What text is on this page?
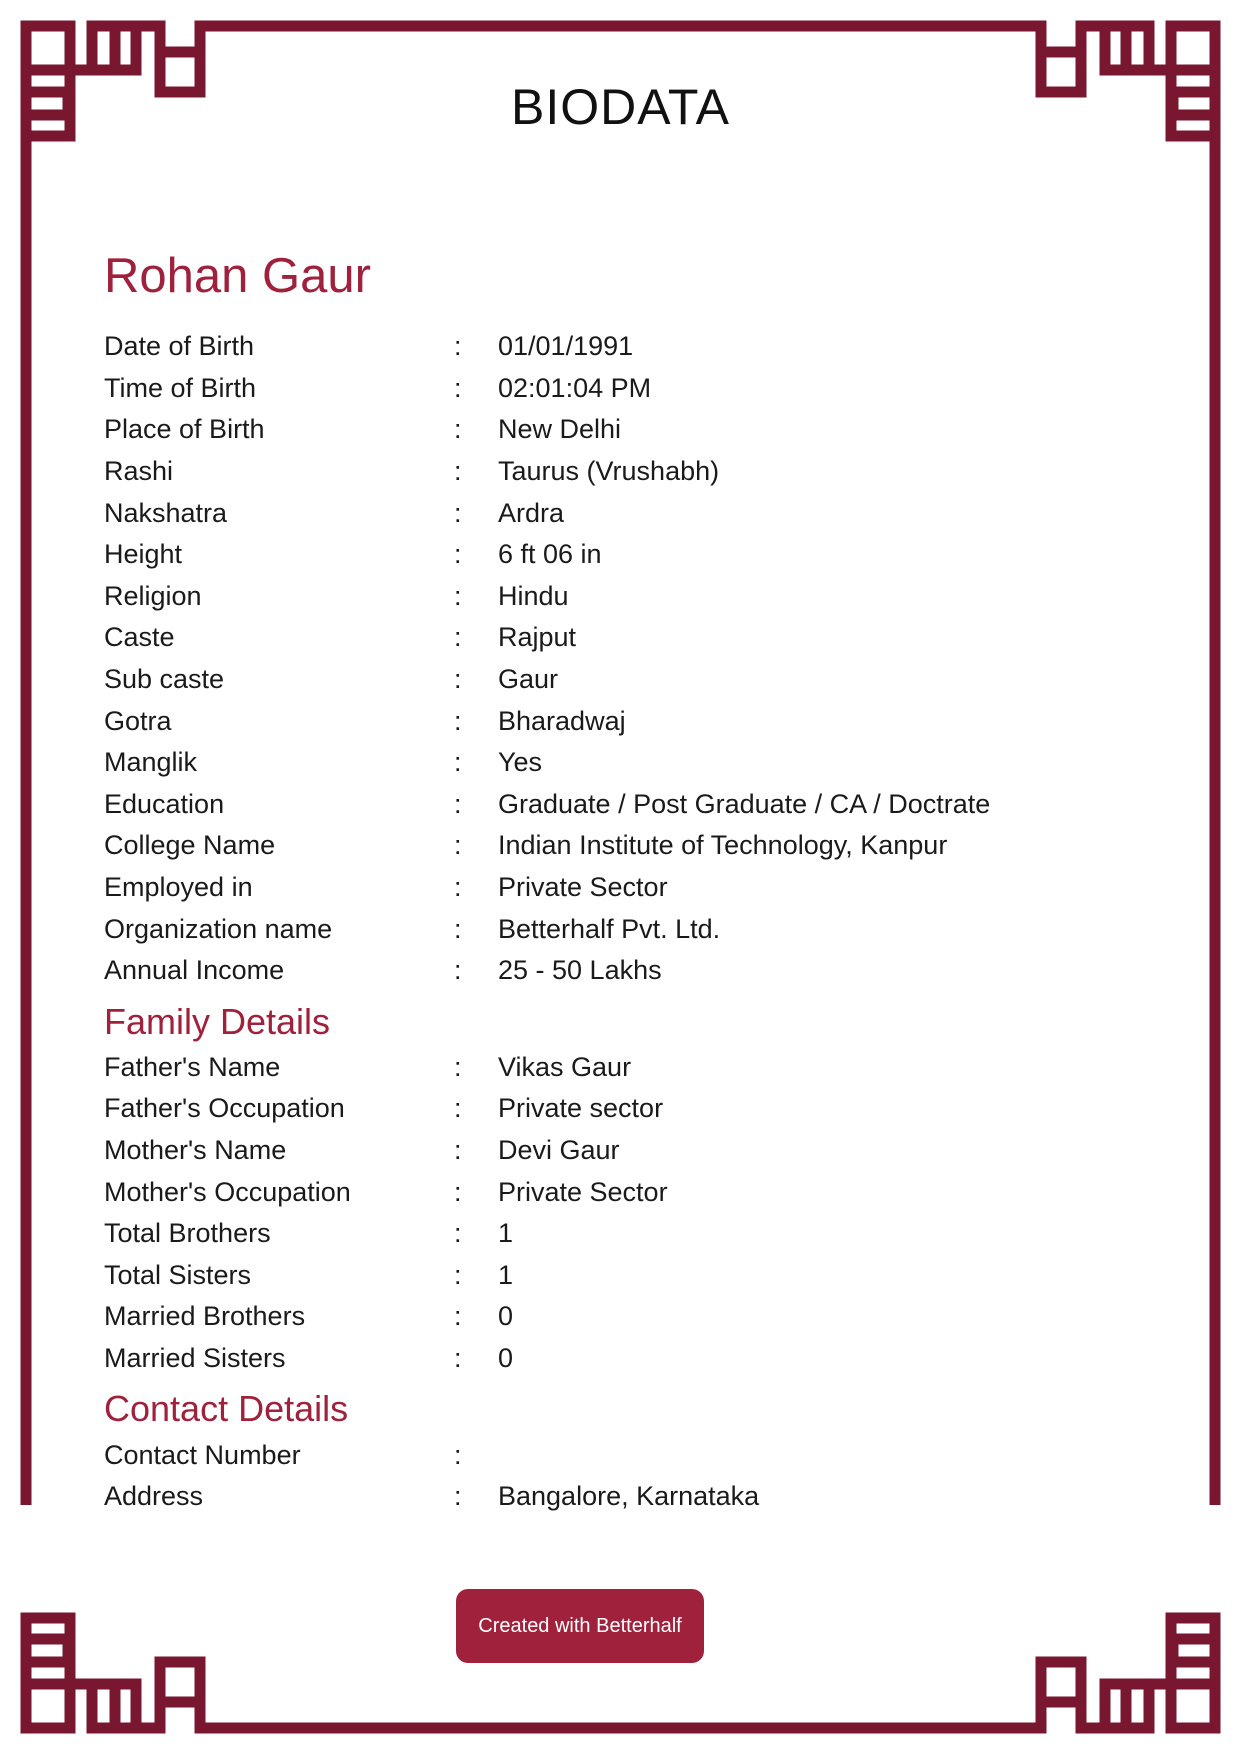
BIODATA
Rohan Gaur
Date of Birth	:	01/01/1991
Time of Birth	:	02:01:04 PM
Place of Birth	:	New Delhi
Rashi	:	Taurus (Vrushabh)
Nakshatra	:	Ardra
Height	:	6 ft 06 in
Religion	:	Hindu
Caste	:	Rajput
Sub caste	:	Gaur
Gotra	:	Bharadwaj
Manglik	:	Yes
Education	:	Graduate / Post Graduate / CA / Doctrate
College Name	:	Indian Institute of Technology, Kanpur
Employed in	:	Private Sector
Organization name	:	Betterhalf Pvt. Ltd.
Annual Income	:	25 - 50 Lakhs
Family Details
Father's Name	:	Vikas Gaur
Father's Occupation	:	Private sector
Mother's Name	:	Devi Gaur
Mother's Occupation	:	Private Sector
Total Brothers	:	1
Total Sisters	:	1
Married Brothers	:	0
Married Sisters	:	0
Contact Details
Contact Number	:
Address	:	Bangalore, Karnataka
Created with Betterhalf
